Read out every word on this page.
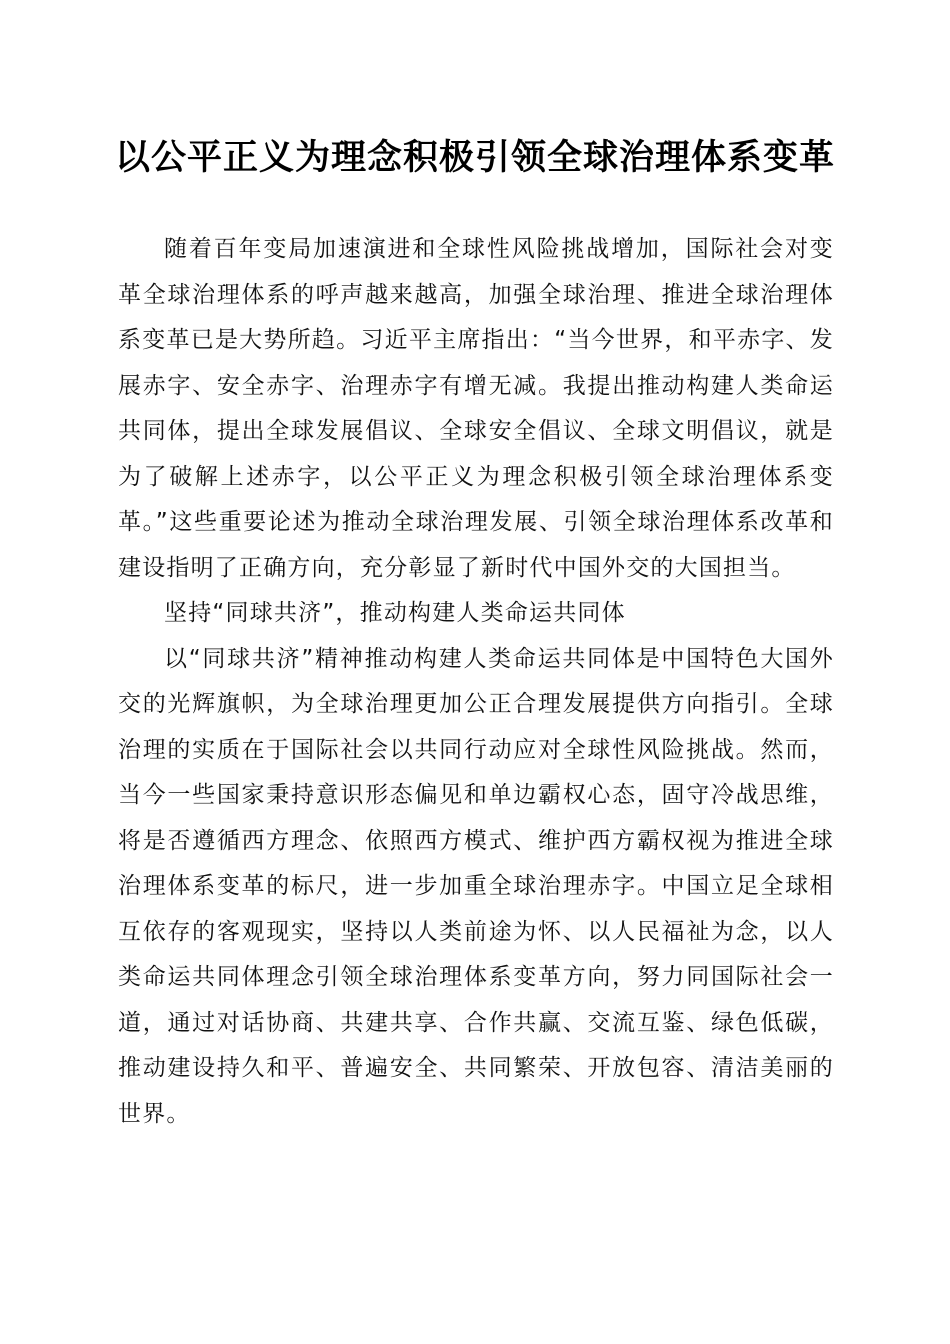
以公平正义为理念积极引领全球治理体系变革

随着百年变局加速演进和全球性风险挑战增加，国际社会对变革全球治理体系的呼声越来越高，加强全球治理、推进全球治理体系变革已是大势所趋。习近平主席指出：“当今世界，和平赤字、发展赤字、安全赤字、治理赤字有增无减。我提出推动构建人类命运共同体，提出全球发展倡议、全球安全倡议、全球文明倡议，就是为了破解上述赤字，以公平正义为理念积极引领全球治理体系变革。”这些重要论述为推动全球治理发展、引领全球治理体系改革和建设指明了正确方向，充分彰显了新时代中国外交的大国担当。

坚持“同球共济”，推动构建人类命运共同体

以“同球共济”精神推动构建人类命运共同体是中国特色大国外交的光辉旗帜，为全球治理更加公正合理发展提供方向指引。全球治理的实质在于国际社会以共同行动应对全球性风险挑战。然而，当今一些国家秉持意识形态偏见和单边霸权心态，固守冷战思维，将是否遵循西方理念、依照西方模式、维护西方霸权视为推进全球治理体系变革的标尺，进一步加重全球治理赤字。中国立足全球相互依存的客观现实，坚持以人类前途为怀、以人民福祉为念，以人类命运共同体理念引领全球治理体系变革方向，努力同国际社会一道，通过对话协商、共建共享、合作共赢、交流互鉴、绿色低碳，推动建设持久和平、普遍安全、共同繁荣、开放包容、清洁美丽的世界。
